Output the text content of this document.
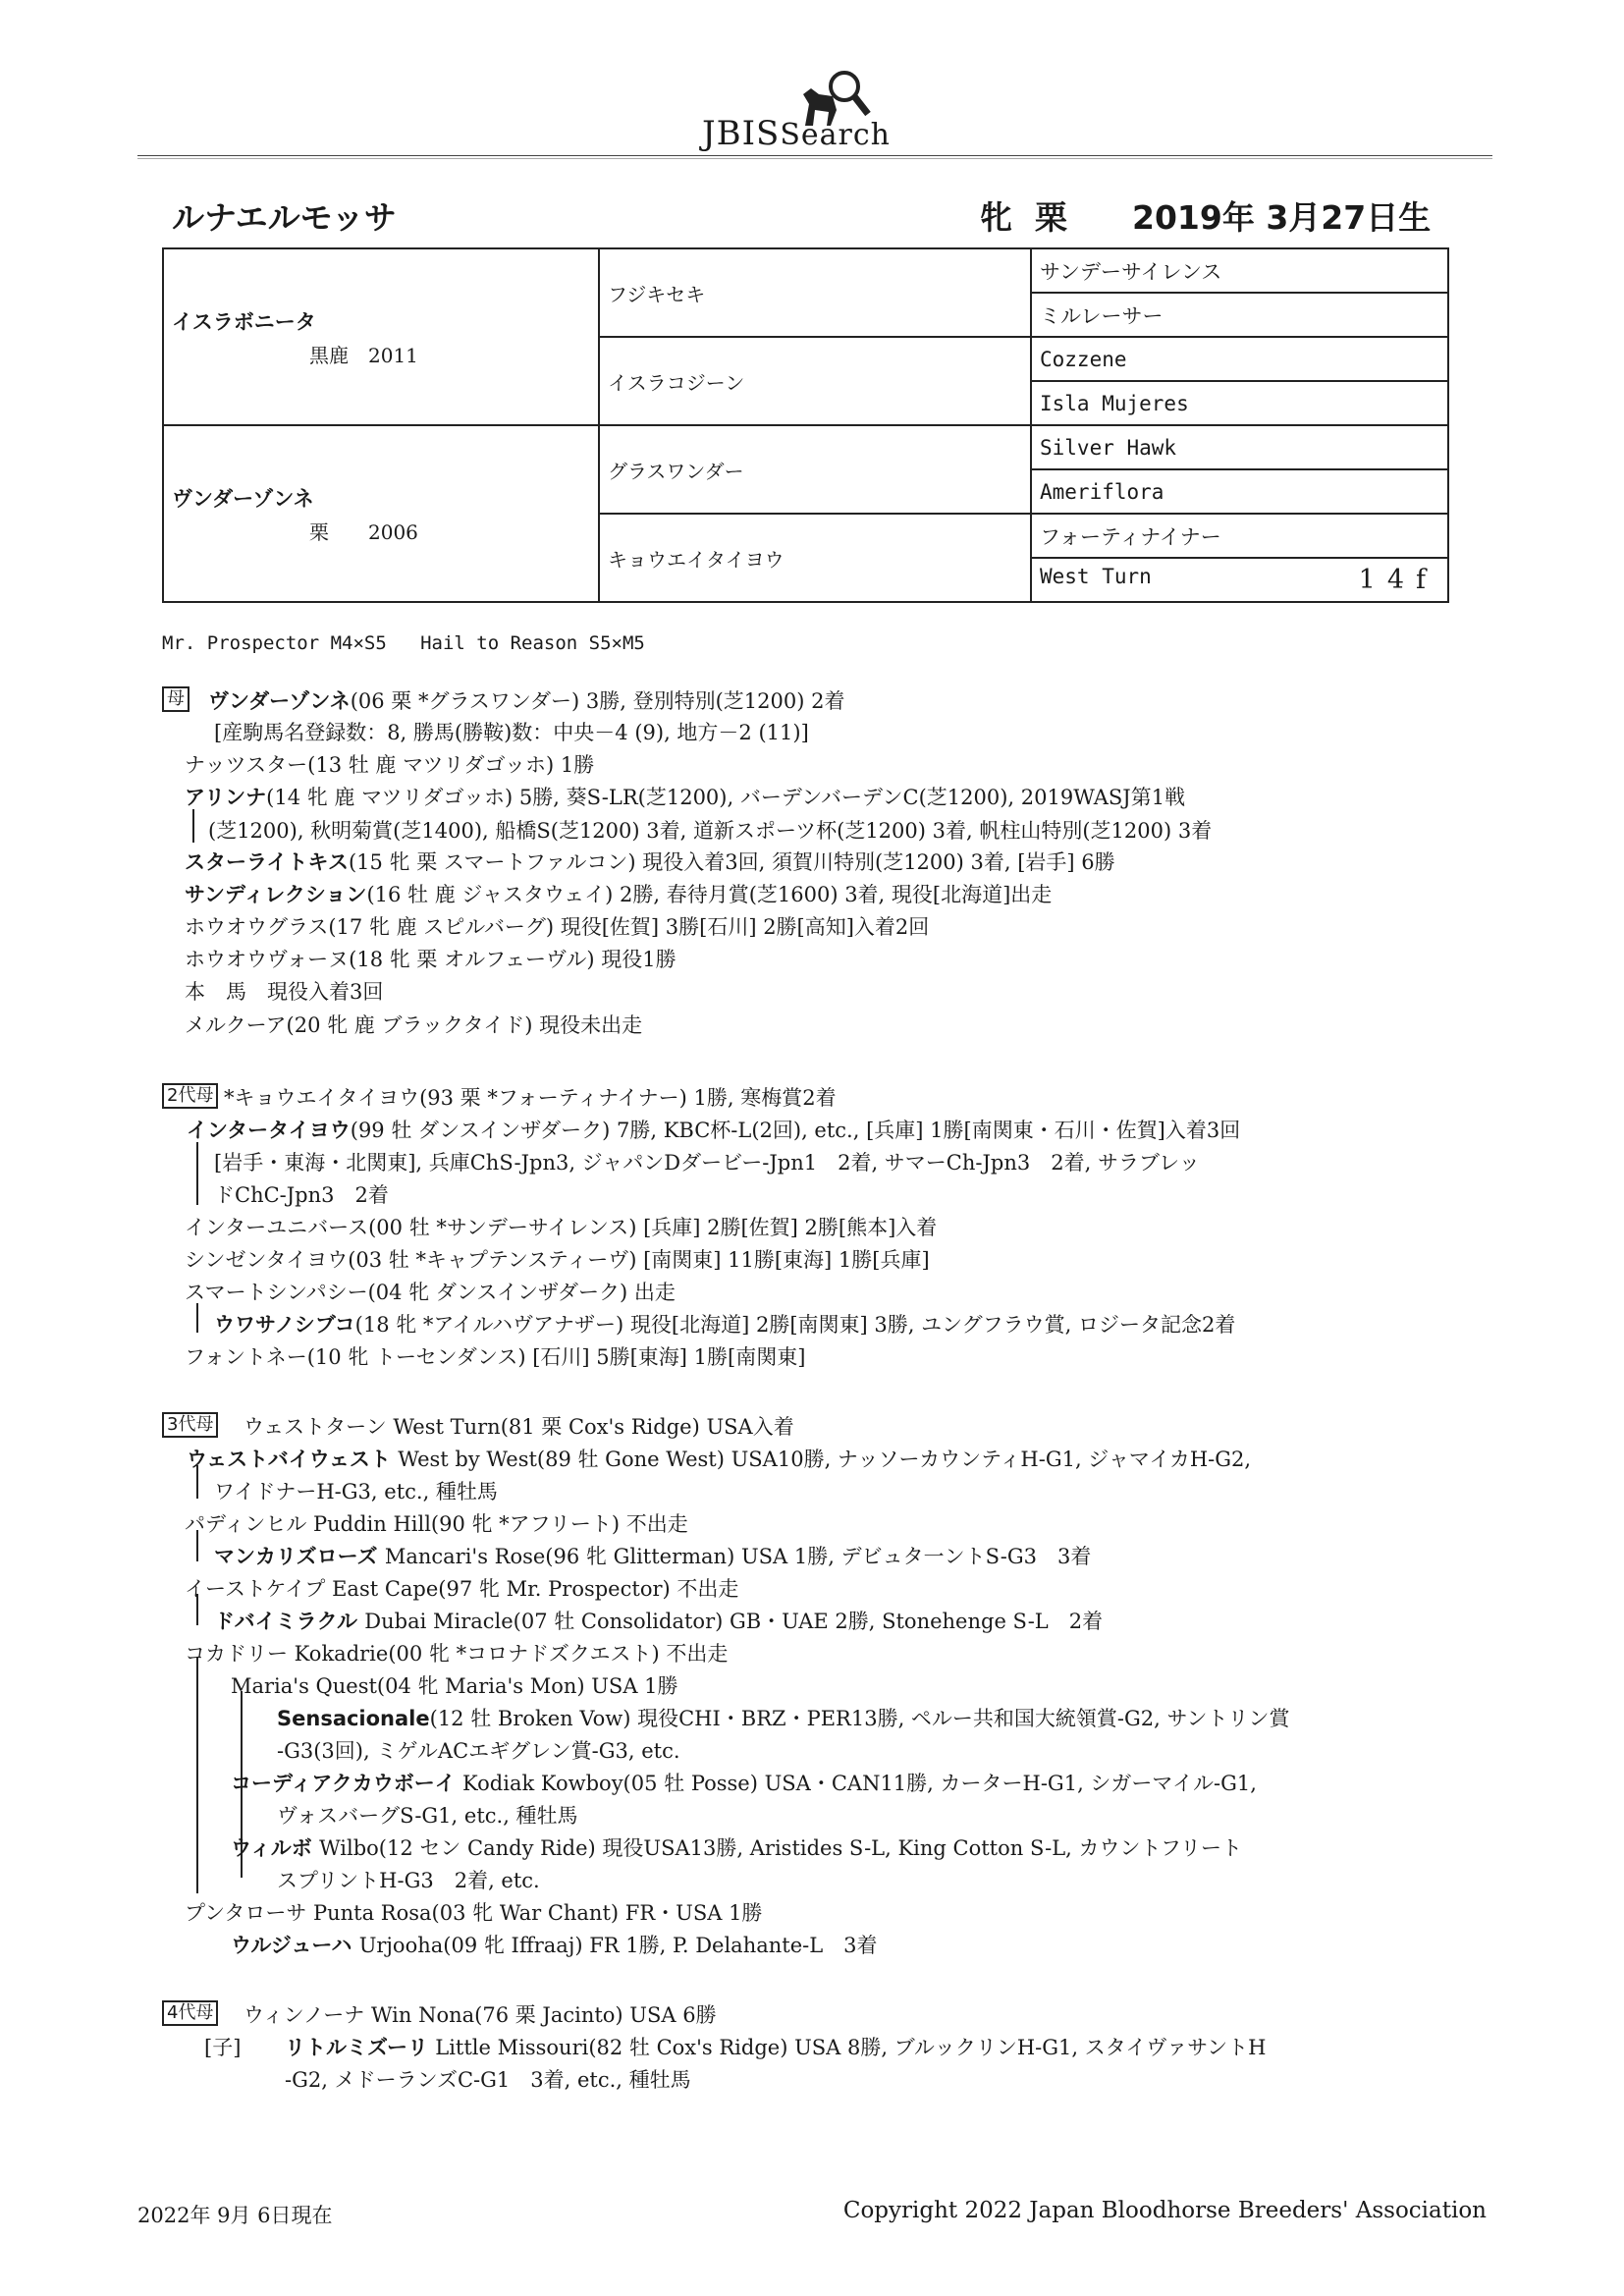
JBISSearch
ルナエルモッサ	牝  栗　　 2019年 3月27日生
イスラボニータ
黒鹿　2011	フジキセキ	サンデーサイレンス
		ミルレーサー
	イスラコジーン	Cozzene
		Isla Mujeres
ヴンダーゾンネ
栗　　2006	グラスワンダー	Silver Hawk
		Ameriflora
	キョウエイタイヨウ	フォーティナイナー
		West Turn 14f
Mr. Prospector M4×S5   Hail to Reason S5×M5
母
2代母
3代母
4代母
[子]
ヴンダーゾンネ(06 栗 *グラスワンダー) 3勝, 登別特別(芝1200) 2着
[産駒馬名登録数：8, 勝馬(勝鞍)数：中央－4 (9), 地方－2 (11)]
ナッツスター(13 牡 鹿 マツリダゴッホ) 1勝
アリンナ(14 牝 鹿 マツリダゴッホ) 5勝, 葵S-LR(芝1200), バーデンバーデンC(芝1200), 2019WASJ第1戦
(芝1200), 秋明菊賞(芝1400), 船橋S(芝1200) 3着, 道新スポーツ杯(芝1200) 3着, 帆柱山特別(芝1200) 3着
スターライトキス(15 牝 栗 スマートファルコン) 現役入着3回, 須賀川特別(芝1200) 3着, [岩手] 6勝
サンディレクション(16 牡 鹿 ジャスタウェイ) 2勝, 春待月賞(芝1600) 3着, 現役[北海道]出走
ホウオウグラス(17 牝 鹿 スピルバーグ) 現役[佐賀] 3勝[石川] 2勝[高知]入着2回
ホウオウヴォーヌ(18 牝 栗 オルフェーヴル) 現役1勝
本　馬　現役入着3回
メルクーア(20 牝 鹿 ブラックタイド) 現役未出走
*キョウエイタイヨウ(93 栗 *フォーティナイナー) 1勝, 寒梅賞2着
インタータイヨウ(99 牡 ダンスインザダーク) 7勝, KBC杯-L(2回), etc., [兵庫] 1勝[南関東・石川・佐賀]入着3回
[岩手・東海・北関東], 兵庫ChS-Jpn3, ジャパンDダービー-Jpn1　2着, サマーCh-Jpn3　2着, サラブレッ
ドChC-Jpn3　2着
インターユニバース(00 牡 *サンデーサイレンス) [兵庫] 2勝[佐賀] 2勝[熊本]入着
シンゼンタイヨウ(03 牡 *キャプテンスティーヴ) [南関東] 11勝[東海] 1勝[兵庫]
スマートシンパシー(04 牝 ダンスインザダーク) 出走
ウワサノシブコ(18 牝 *アイルハヴアナザー) 現役[北海道] 2勝[南関東] 3勝, ユングフラウ賞, ロジータ記念2着
フォントネー(10 牝 トーセンダンス) [石川] 5勝[東海] 1勝[南関東]
ウェストターン West Turn(81 栗 Cox's Ridge) USA入着
ウェストバイウェスト West by West(89 牡 Gone West) USA10勝, ナッソーカウンティH-G1, ジャマイカH-G2,
ワイドナーH-G3, etc., 種牡馬
パディンヒル Puddin Hill(90 牝 *アフリート) 不出走
マンカリズローズ Mancari's Rose(96 牝 Glitterman) USA 1勝, デビュタ一ントS-G3　3着
イーストケイプ East Cape(97 牝 Mr. Prospector) 不出走
ドバイミラクル Dubai Miracle(07 牡 Consolidator) GB・UAE 2勝, Stonehenge S-L　2着
コカドリー Kokadrie(00 牝 *コロナドズクエスト) 不出走
Maria's Quest(04 牝 Maria's Mon) USA 1勝
Sensacionale(12 牡 Broken Vow) 現役CHI・BRZ・PER13勝, ペルー共和国大統領賞-G2, サントリン賞
-G3(3回), ミゲルACエギグレン賞-G3, etc.
コーディアクカウボーイ Kodiak Kowboy(05 牡 Posse) USA・CAN11勝, カーターH-G1, シガーマイル-G1,
ヴォスバーグS-G1, etc., 種牡馬
ウィルボ Wilbo(12 セン Candy Ride) 現役USA13勝, Aristides S-L, King Cotton S-L, カウントフリート
スプリントH-G3　2着, etc.
プンタローサ Punta Rosa(03 牝 War Chant) FR・USA 1勝
ウルジューハ Urjooha(09 牝 Iffraaj) FR 1勝, P. Delahante-L　3着
ウィンノーナ Win Nona(76 栗 Jacinto) USA 6勝
リトルミズーリ Little Missouri(82 牡 Cox's Ridge) USA 8勝, ブルックリンH-G1, スタイヴァサントH
-G2, メドーランズC-G1　3着, etc., 種牡馬
2022年 9月 6日現在	Copyright 2022 Japan Bloodhorse Breeders' Association
